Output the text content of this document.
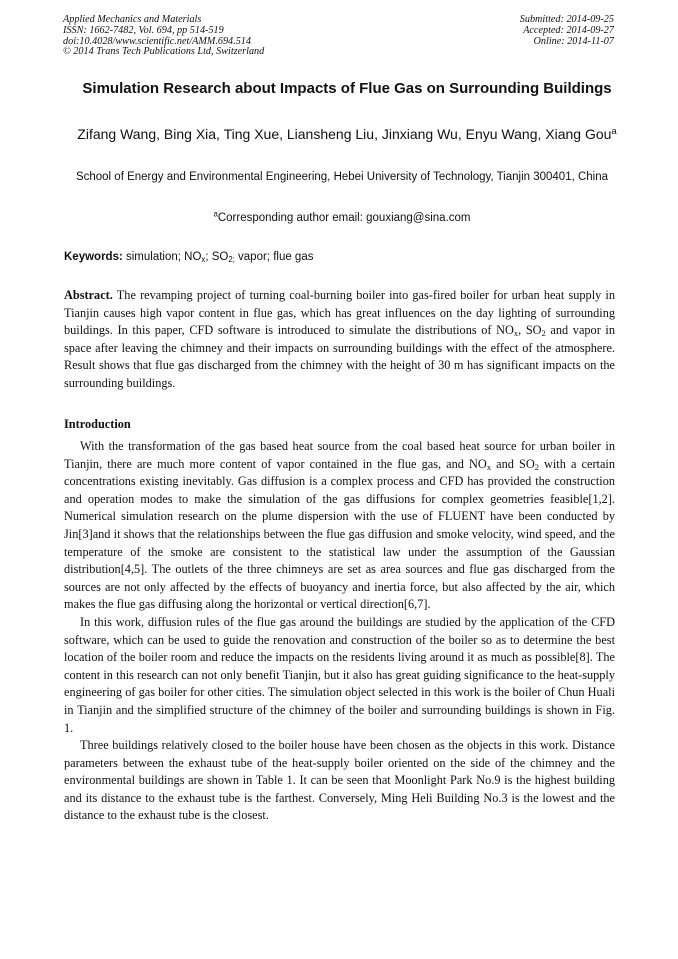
Applied Mechanics and Materials
ISSN: 1662-7482, Vol. 694, pp 514-519
doi:10.4028/www.scientific.net/AMM.694.514
© 2014 Trans Tech Publications Ltd, Switzerland
Submitted: 2014-09-25
Accepted: 2014-09-27
Online: 2014-11-07
Simulation Research about Impacts of Flue Gas on Surrounding Buildings
Zifang Wang, Bing Xia, Ting Xue, Liansheng Liu, Jinxiang Wu, Enyu Wang, Xiang Gou$^a$
School of Energy and Environmental Engineering, Hebei University of Technology, Tianjin 300401, China
$^a$Corresponding author email: gouxiang@sina.com
Keywords: simulation; $NO_x$; $SO_{2;}$ vapor; flue gas
Abstract. The revamping project of turning coal-burning boiler into gas-fired boiler for urban heat supply in Tianjin causes high vapor content in flue gas, which has great influences on the day lighting of surrounding buildings. In this paper, CFD software is introduced to simulate the distributions of $NO_x$, $SO_2$ and vapor in space after leaving the chimney and their impacts on surrounding buildings with the effect of the atmosphere. Result shows that flue gas discharged from the chimney with the height of 30 m has significant impacts on the surrounding buildings.
Introduction

With the transformation of the gas based heat source from the coal based heat source for urban boiler in Tianjin, there are much more content of vapor contained in the flue gas, and $NO_x$ and $SO_2$ with a certain concentrations existing inevitably. Gas diffusion is a complex process and CFD has provided the construction and operation modes to make the simulation of the gas diffusions for complex geometries feasible[1,2]. Numerical simulation research on the plume dispersion with the use of FLUENT have been conducted by Jin[3]and it shows that the relationships between the flue gas diffusion and smoke velocity, wind speed, and the temperature of the smoke are consistent to the statistical law under the assumption of the Gaussian distribution[4,5]. The outlets of the three chimneys are set as area sources and flue gas discharged from the sources are not only affected by the effects of buoyancy and inertia force, but also affected by the air, which makes the flue gas diffusing along the horizontal or vertical direction[6,7].

In this work, diffusion rules of the flue gas around the buildings are studied by the application of the CFD software, which can be used to guide the renovation and construction of the boiler so as to determine the best location of the boiler room and reduce the impacts on the residents living around it as much as possible[8]. The content in this research can not only benefit Tianjin, but it also has great guiding significance to the heat-supply engineering of gas boiler for other cities. The simulation object selected in this work is the boiler of Chun Huali in Tianjin and the simplified structure of the chimney of the boiler and surrounding buildings is shown in Fig. 1.

Three buildings relatively closed to the boiler house have been chosen as the objects in this work. Distance parameters between the exhaust tube of the heat-supply boiler oriented on the side of the chimney and the environmental buildings are shown in Table 1. It can be seen that Moonlight Park No.9 is the highest building and its distance to the exhaust tube is the farthest. Conversely, Ming Heli Building No.3 is the lowest and the distance to the exhaust tube is the closest.
